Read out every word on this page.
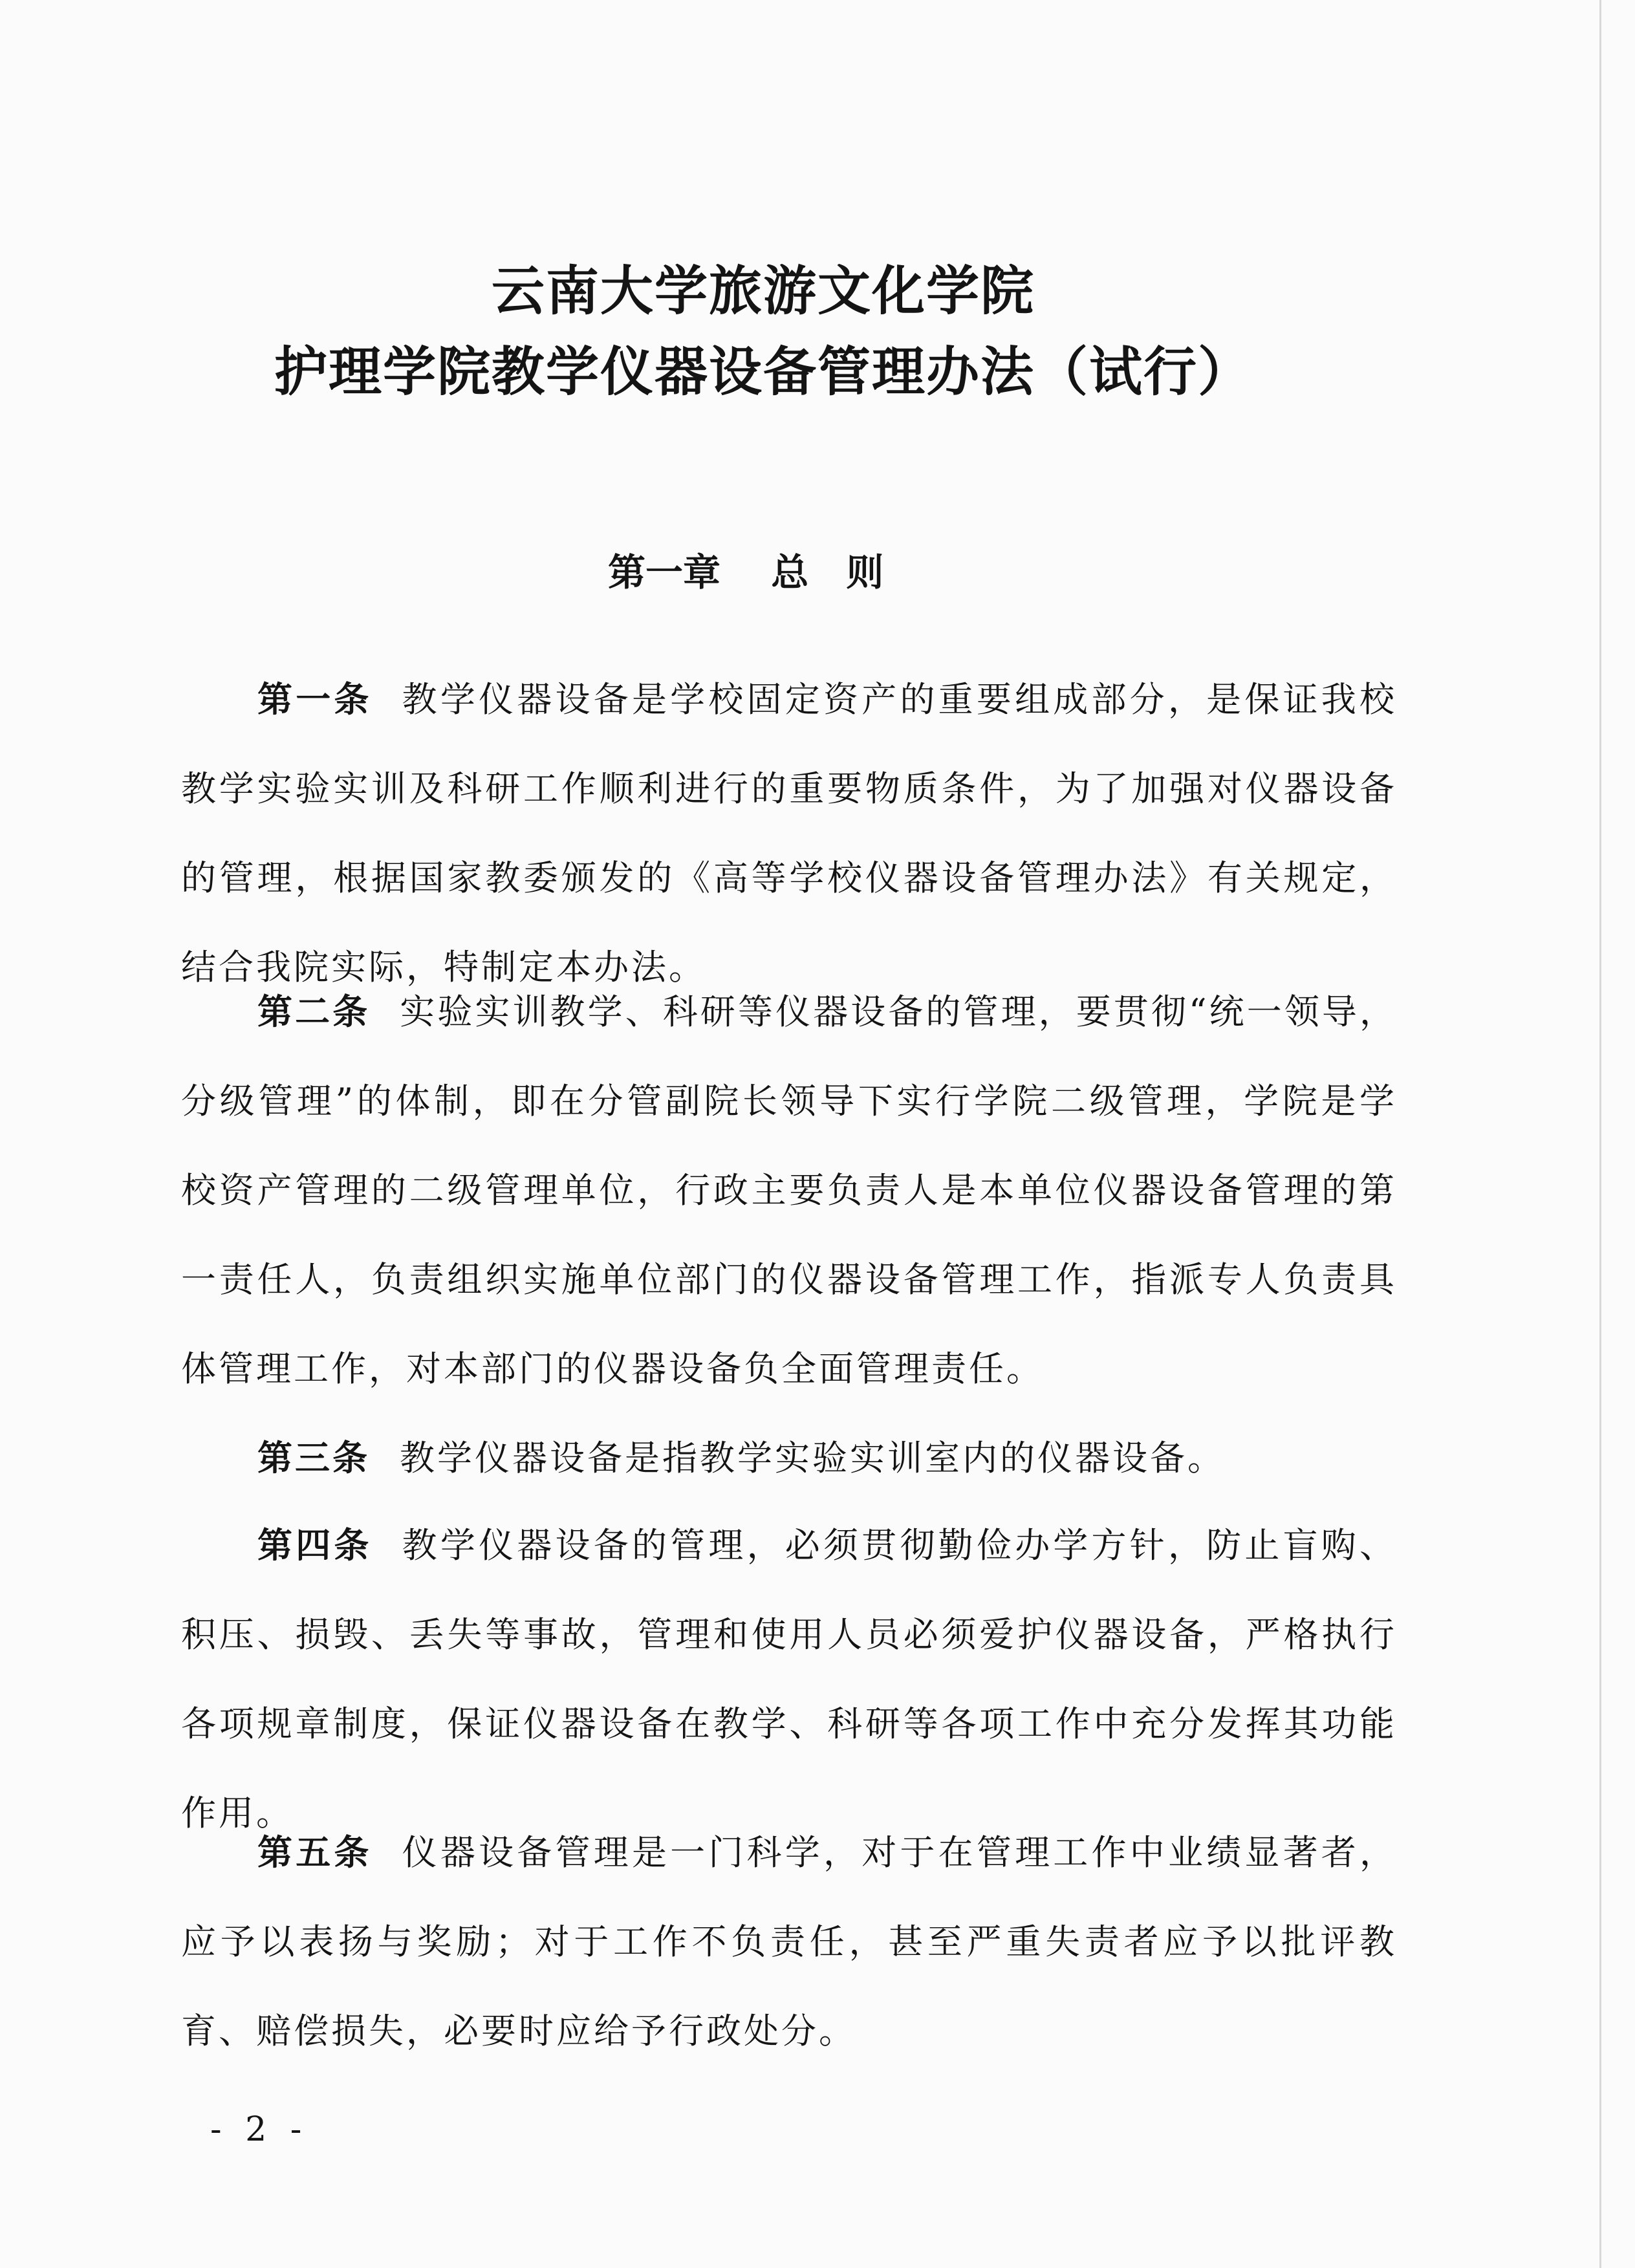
云南大学旅游文化学院
护理学院教学仪器设备管理办法（试行）
第一章　 总　则
第一条 教学仪器设备是学校固定资产的重要组成部分，是保证我校教学实验实训及科研工作顺利进行的重要物质条件，为了加强对仪器设备的管理，根据国家教委颁发的《高等学校仪器设备管理办法》有关规定，结合我院实际，特制定本办法。
第二条 实验实训教学、科研等仪器设备的管理，要贯彻“统一领导，分级管理”的体制，即在分管副院长领导下实行学院二级管理，学院是学校资产管理的二级管理单位，行政主要负责人是本单位仪器设备管理的第一责任人，负责组织实施单位部门的仪器设备管理工作，指派专人负责具体管理工作，对本部门的仪器设备负全面管理责任。
第三条 教学仪器设备是指教学实验实训室内的仪器设备。
第四条 教学仪器设备的管理，必须贯彻勤俭办学方针，防止盲购、积压、损毁、丢失等事故，管理和使用人员必须爱护仪器设备，严格执行各项规章制度，保证仪器设备在教学、科研等各项工作中充分发挥其功能作用。
第五条 仪器设备管理是一门科学，对于在管理工作中业绩显著者，应予以表扬与奖励；对于工作不负责任，甚至严重失责者应予以批评教育、赔偿损失，必要时应给予行政处分。
- 2 -
